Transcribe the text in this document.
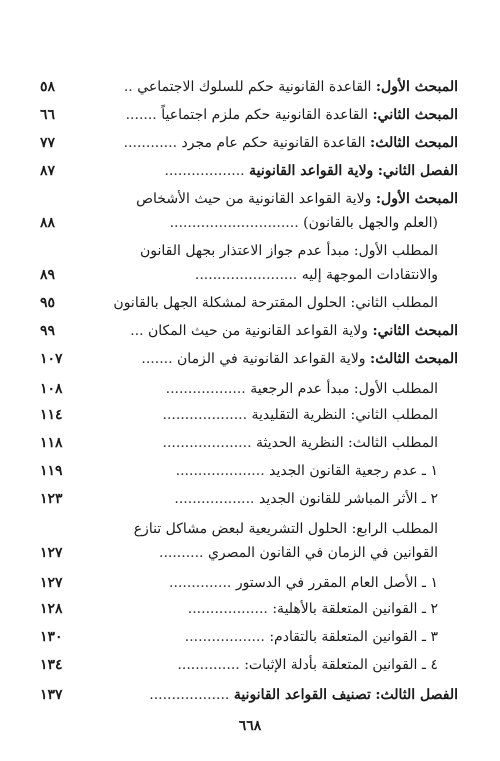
المبحث الأول: القاعدة القانونية حكم للسلوك الاجتماعي ..
٥٨
المبحث الثاني: القاعدة القانونية حكم ملزم اجتماعياً .......
٦٦
المبحث الثالث: القاعدة القانونية حكم عام مجرد ............
٧٧
الفصل الثاني: ولاية القواعد القانونية ..................
٨٧
المبحث الأول: ولاية القواعد القانونية من حيث الأشخاص
(العلم والجهل بالقانون) .............................
٨٨
المطلب الأول: مبدأ عدم جواز الاعتذار بجهل القانون
والانتقادات الموجهة إليه .......................
٨٩
المطلب الثاني: الحلول المقترحة لمشكلة الجهل بالقانون
٩٥
المبحث الثاني: ولاية القواعد القانونية من حيث المكان ...
٩٩
المبحث الثالث: ولاية القواعد القانونية في الزمان .......
١٠٧
المطلب الأول: مبدأ عدم الرجعية ..................
١٠٨
المطلب الثاني: النظرية التقليدية ...................
١١٤
المطلب الثالث: النظرية الحديثة ....................
١١٨
١ ـ عدم رجعية القانون الجديد ....................
١١٩
٢ ـ الأثر المباشر للقانون الجديد ..................
١٢٣
المطلب الرابع: الحلول التشريعية لبعض مشاكل تنازع
القوانين في الزمان في القانون المصري ..........
١٢٧
١ ـ الأصل العام المقرر في الدستور ..............
١٢٧
٢ ـ القوانين المتعلقة بالأهلية: ..................
١٢٨
٣ ـ القوانين المتعلقة بالتقادم: ..................
١٣٠
٤ ـ القوانين المتعلقة بأدلة الإثبات: ..............
١٣٤
الفصل الثالث: تصنيف القواعد القانونية ..................
١٣٧
٦٦٨
